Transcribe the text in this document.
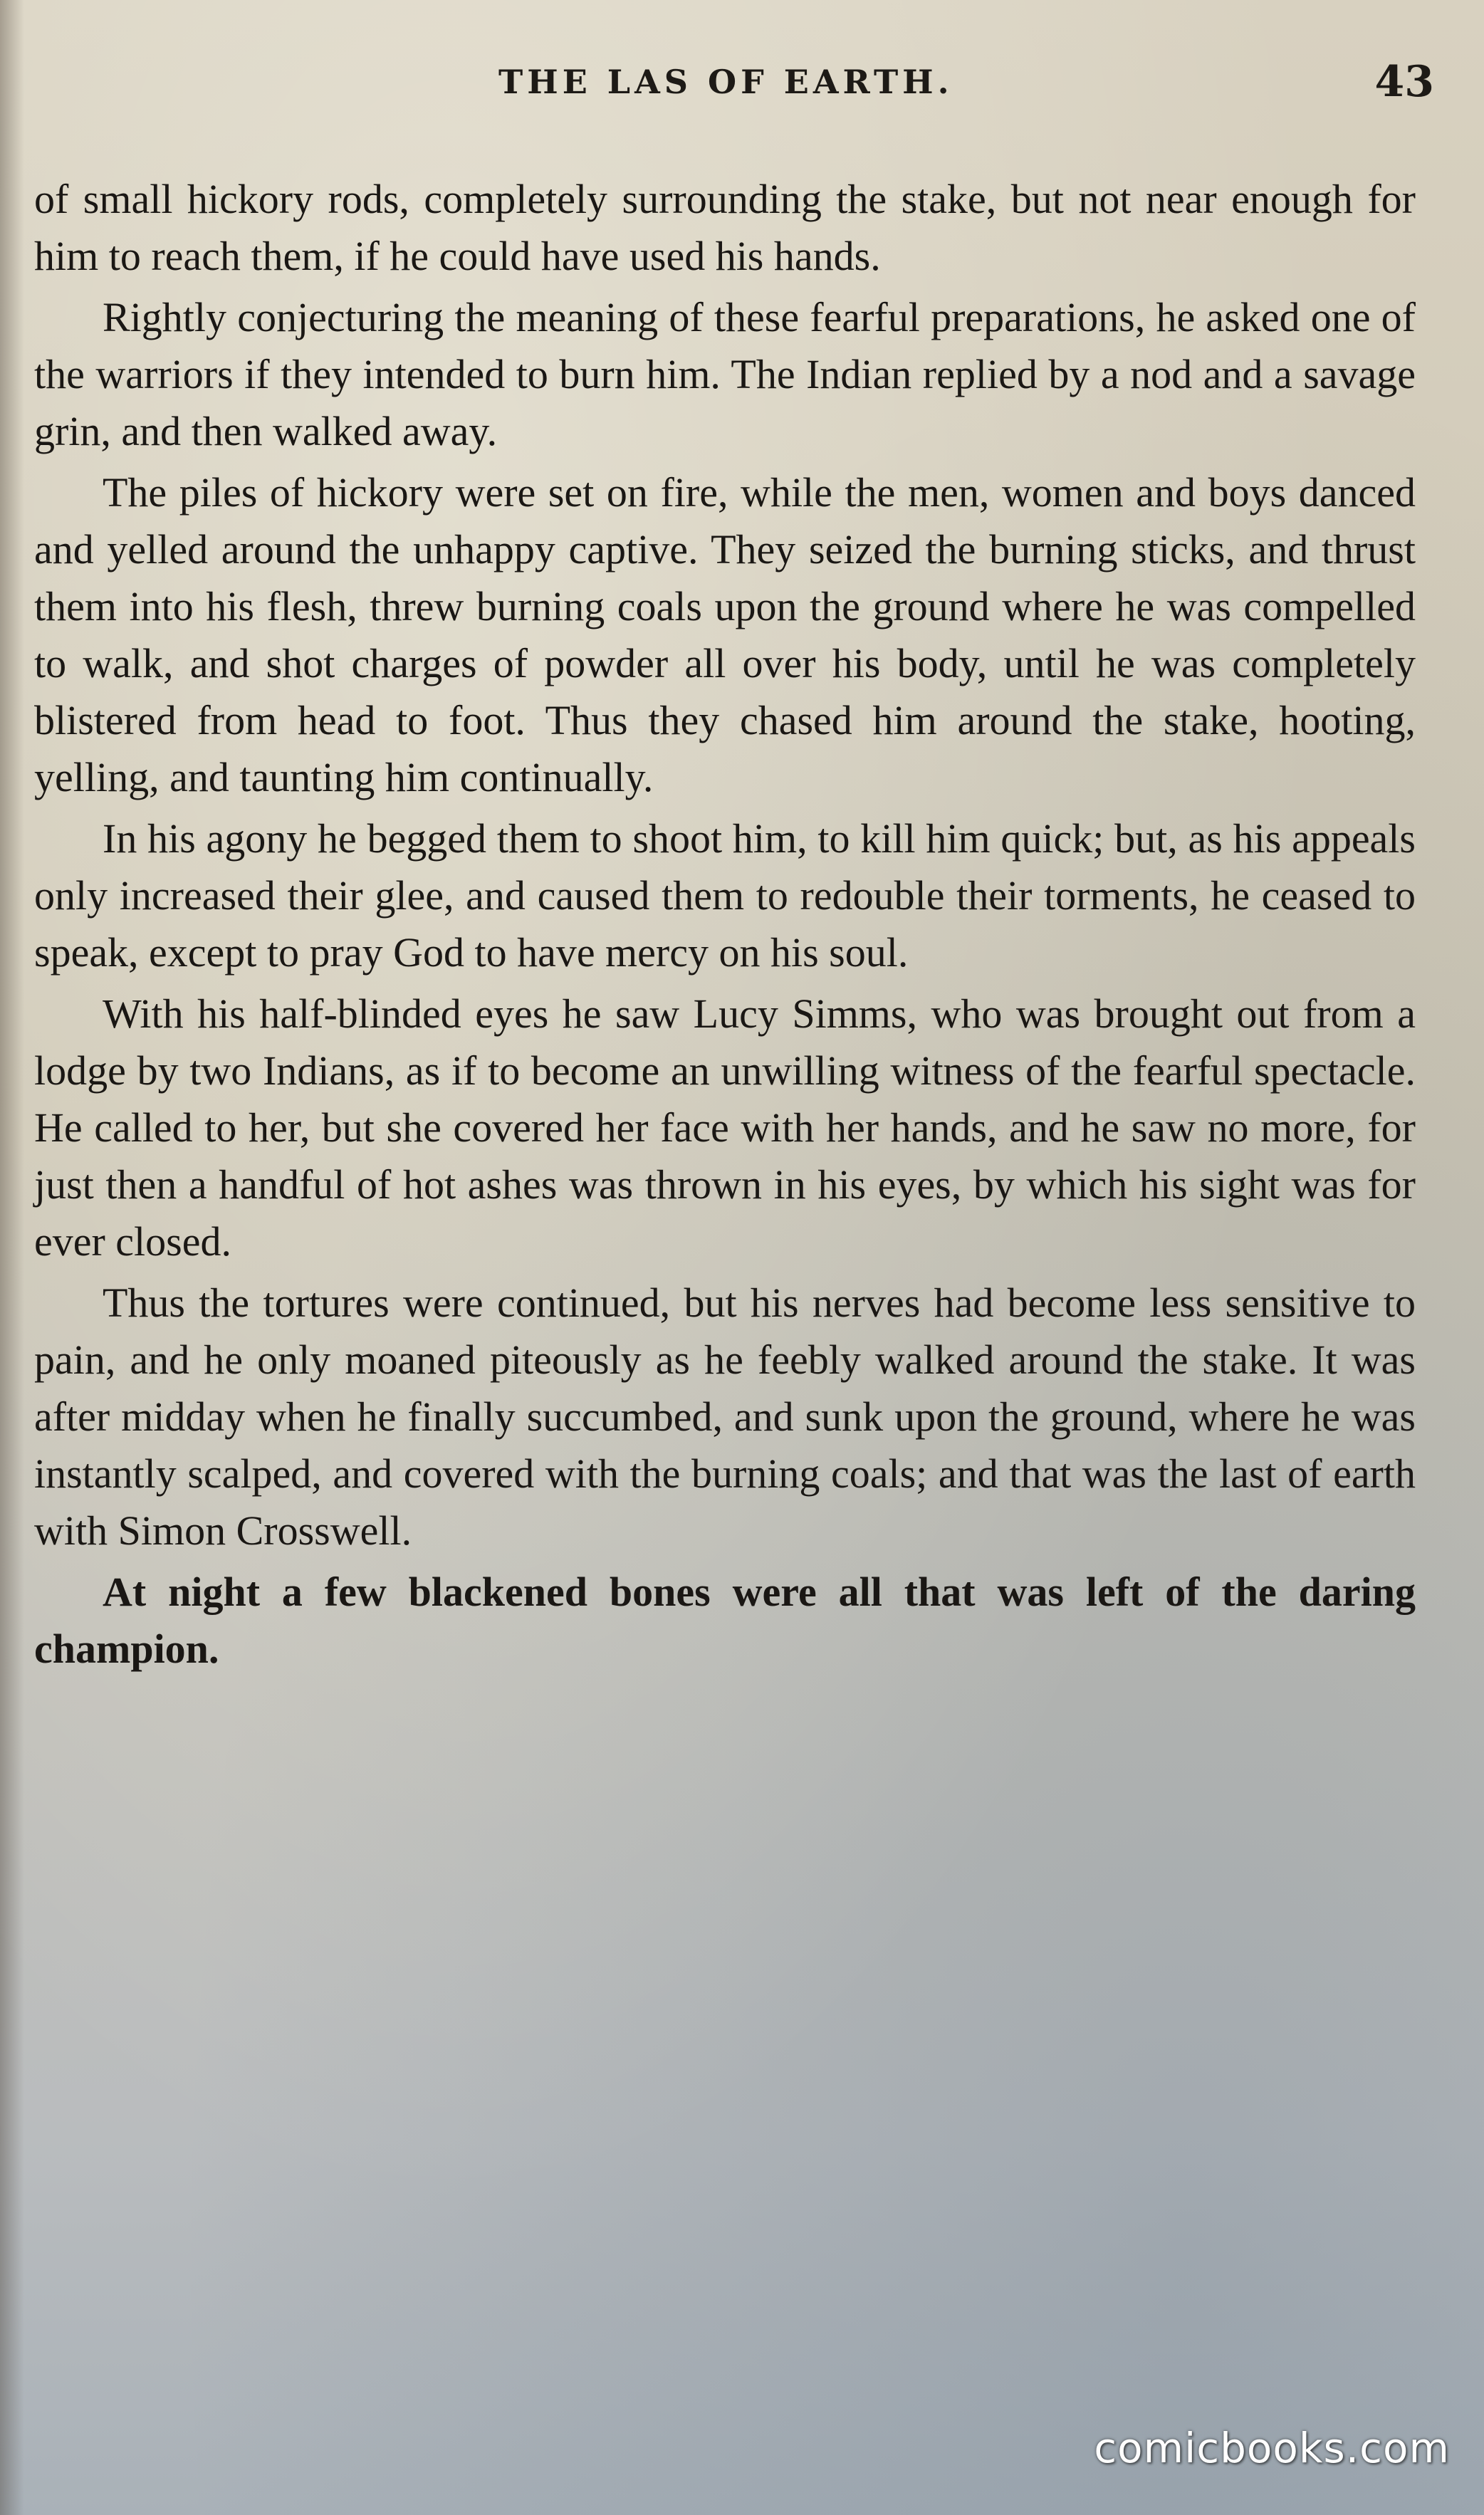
THE LAS OF EARTH.	43

of small hickory rods, completely surrounding the stake, but not near enough for him to reach them, if he could have used his hands.

Rightly conjecturing the meaning of these fearful preparations, he asked one of the warriors if they intended to burn him. The Indian replied by a nod and a savage grin, and then walked away.

The piles of hickory were set on fire, while the men, women and boys danced and yelled around the unhappy captive. They seized the burning sticks, and thrust them into his flesh, threw burning coals upon the ground where he was compelled to walk, and shot charges of powder all over his body, until he was completely blistered from head to foot. Thus they chased him around the stake, hooting, yelling, and taunting him continually.

In his agony he begged them to shoot him, to kill him quick; but, as his appeals only increased their glee, and caused them to redouble their torments, he ceased to speak, except to pray God to have mercy on his soul.

With his half-blinded eyes he saw Lucy Simms, who was brought out from a lodge by two Indians, as if to become an unwilling witness of the fearful spectacle. He called to her, but she covered her face with her hands, and he saw no more, for just then a handful of hot ashes was thrown in his eyes, by which his sight was for ever closed.

Thus the tortures were continued, but his nerves had become less sensitive to pain, and he only moaned piteously as he feebly walked around the stake. It was after midday when he finally succumbed, and sunk upon the ground, where he was instantly scalped, and covered with the burning coals; and that was the last of earth with Simon Crosswell.

At night a few blackened bones were all that was left of the daring champion.

comicbooks.com
